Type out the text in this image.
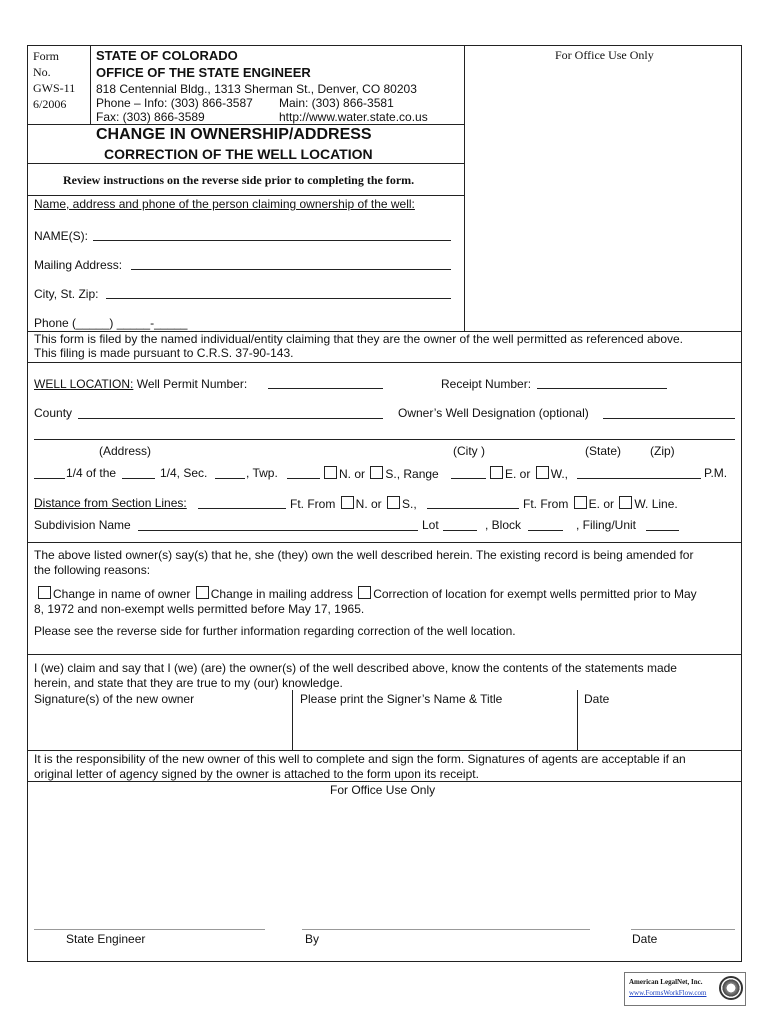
Form
No.
GWS-11
6/2006
STATE OF COLORADO
OFFICE OF THE STATE ENGINEER
818 Centennial Bldg., 1313 Sherman St., Denver, CO 80203
Phone – Info: (303) 866-3587 Main: (303) 866-3581
Fax: (303) 866-3589	http://www.water.state.co.us
For Office Use Only
CHANGE IN OWNERSHIP/ADDRESS
CORRECTION OF THE WELL LOCATION
Review instructions on the reverse side prior to completing the form.
Name, address and phone of the person claiming ownership of the well:
NAME(S):
Mailing Address:
City, St. Zip:
Phone (_____) _____-_____
This form is filed by the named individual/entity claiming that they are the owner of the well permitted as referenced above.
This filing is made pursuant to C.R.S. 37-90-143.
WELL LOCATION: Well Permit Number:	Receipt Number:
County	Owner’s Well Designation (optional)
(Address)	(City )	(State) (Zip)
1/4 of the	1/4, Sec.	, Twp.	N. or S., Range	E. or W.,	P.M.
Distance from Section Lines:	Ft. From N. or S.,	Ft. From E. or W. Line.
Subdivision Name	Lot	, Block	, Filing/Unit
The above listed owner(s) say(s) that he, she (they) own the well described herein. The existing record is being amended for
the following reasons:
Change in name of owner Change in mailing address Correction of location for exempt wells permitted prior to May
8, 1972 and non-exempt wells permitted before May 17, 1965.
Please see the reverse side for further information regarding correction of the well location.
I (we) claim and say that I (we) (are) the owner(s) of the well described above, know the contents of the statements made
herein, and state that they are true to my (our) knowledge.
Signature(s) of the new owner	Please print the Signer’s Name & Title	Date
It is the responsibility of the new owner of this well to complete and sign the form. Signatures of agents are acceptable if an
original letter of agency signed by the owner is attached to the form upon its receipt.
For Office Use Only
State Engineer	By	Date
American LegalNet, Inc.
www.FormsWorkFlow.com
